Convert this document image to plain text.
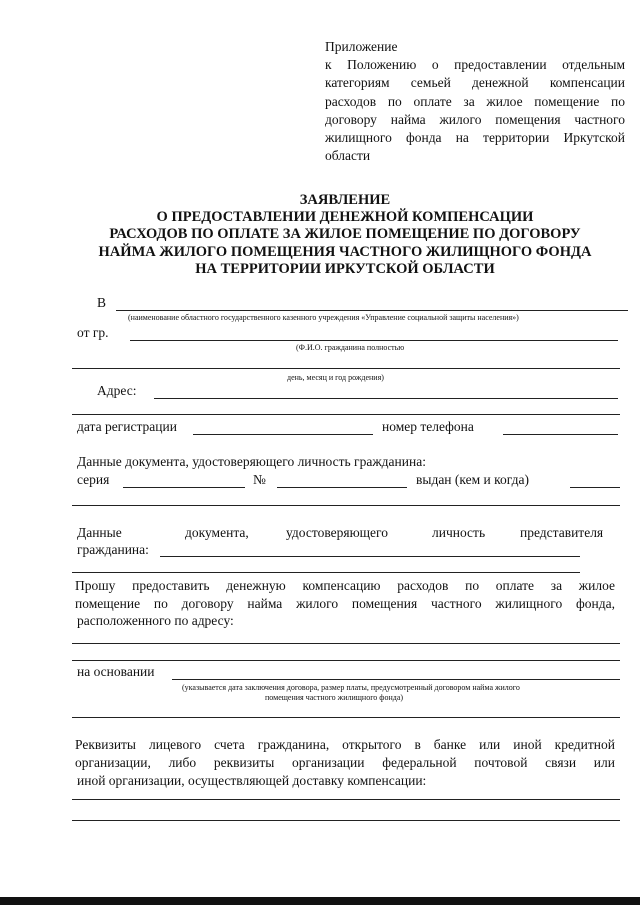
Приложение
к Положению о предоставлении отдельным
категориям семьей денежной компенсации
расходов по оплате за жилое помещение по
договору найма жилого помещения частного
жилищного фонда на территории Иркутской
области
ЗАЯВЛЕНИЕ
О ПРЕДОСТАВЛЕНИИ ДЕНЕЖНОЙ КОМПЕНСАЦИИ
РАСХОДОВ ПО ОПЛАТЕ ЗА ЖИЛОЕ ПОМЕЩЕНИЕ ПО ДОГОВОРУ
НАЙМА ЖИЛОГО ПОМЕЩЕНИЯ ЧАСТНОГО ЖИЛИЩНОГО ФОНДА
НА ТЕРРИТОРИИ ИРКУТСКОЙ ОБЛАСТИ
В
(наименование областного государственного казенного учреждения «Управление социальной защиты населения»)
от гр.
(Ф.И.О. гражданина полностью
день, месяц и год рождения)
Адрес:
дата регистрации	номер телефона
Данные документа, удостоверяющего личность гражданина:
серия	№	выдан (кем и когда)
Данные	документа,	удостоверяющего	личность	представителя
гражданина:
Прошу предоставить денежную компенсацию расходов по оплате за жилое
помещение по договору найма жилого помещения частного жилищного фонда,
расположенного по адресу:
на основании
(указывается дата заключения договора, размер платы, предусмотренный договором найма жилого
помещения частного жилищного фонда)
Реквизиты лицевого счета гражданина, открытого в банке или иной кредитной
организации, либо реквизиты организации федеральной почтовой связи или
иной организации, осуществляющей доставку компенсации:
